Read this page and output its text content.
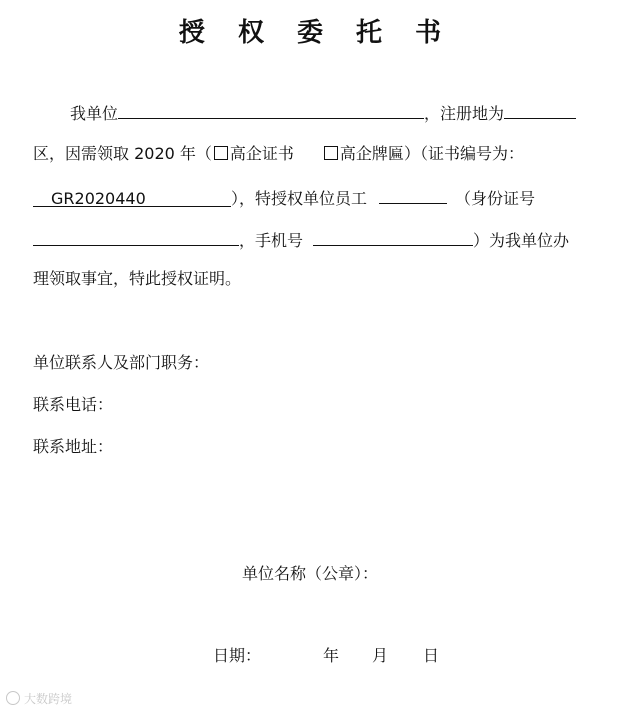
授 权 委 托 书
我单位	，注册地为
区，因需领取 2020 年（ 高企证书	高企牌匾）（证书编号为：
GR2020440	），特授权单位员工	（身份证号
，手机号	）为我单位办
理领取事宜，特此授权证明。
单位联系人及部门职务：
联系电话：
联系地址：
单位名称（公章）：
日期：	年 月 日
大数跨境
